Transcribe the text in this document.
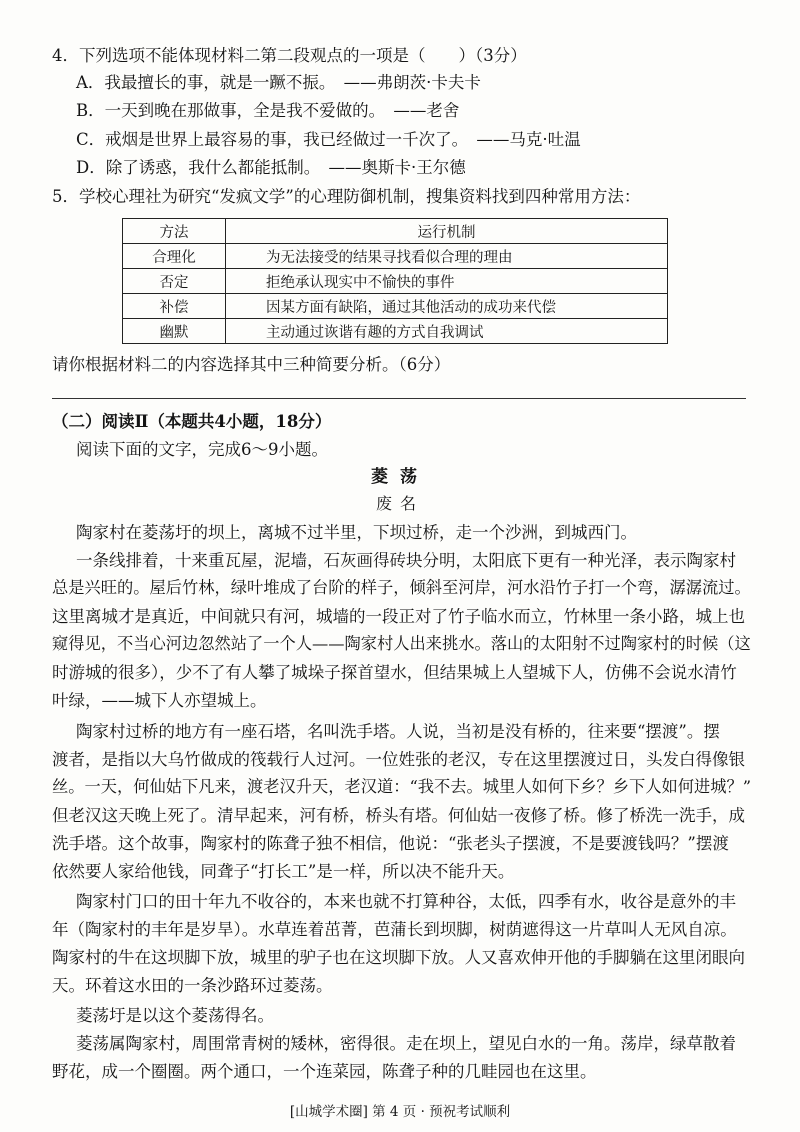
4．下列选项不能体现材料二第二段观点的一项是（　　）（3分）
A．我最擅长的事，就是一蹶不振。　——弗朗茨·卡夫卡
B．一天到晚在那做事，全是我不爱做的。　——老舍
C．戒烟是世界上最容易的事，我已经做过一千次了。　——马克·吐温
D．除了诱惑，我什么都能抵制。　——奥斯卡·王尔德
5．学校心理社为研究“发疯文学”的心理防御机制，搜集资料找到四种常用方法：
方法	运行机制
合理化	为无法接受的结果寻找看似合理的理由
否定	拒绝承认现实中不愉快的事件
补偿	因某方面有缺陷，通过其他活动的成功来代偿
幽默	主动通过诙谐有趣的方式自我调试
请你根据材料二的内容选择其中三种简要分析。（6分）
（二）阅读Ⅱ（本题共4小题，18分）
阅读下面的文字，完成6～9小题。
菱荡
废名
陶家村在菱荡圩的坝上，离城不过半里，下坝过桥，走一个沙洲，到城西门。
一条线排着，十来重瓦屋，泥墙，石灰画得砖块分明，太阳底下更有一种光泽，表示陶家村
总是兴旺的。屋后竹林，绿叶堆成了台阶的样子，倾斜至河岸，河水沿竹子打一个弯，潺潺流过。
这里离城才是真近，中间就只有河，城墙的一段正对了竹子临水而立，竹林里一条小路，城上也
窥得见，不当心河边忽然站了一个人——陶家村人出来挑水。落山的太阳射不过陶家村的时候（这
时游城的很多），少不了有人攀了城垛子探首望水，但结果城上人望城下人，仿佛不会说水清竹
叶绿，——城下人亦望城上。
陶家村过桥的地方有一座石塔，名叫洗手塔。人说，当初是没有桥的，往来要“摆渡”。摆
渡者，是指以大乌竹做成的筏载行人过河。一位姓张的老汉，专在这里摆渡过日，头发白得像银
丝。一天，何仙姑下凡来，渡老汉升天，老汉道：“我不去。城里人如何下乡？乡下人如何进城？”
但老汉这天晚上死了。清早起来，河有桥，桥头有塔。何仙姑一夜修了桥。修了桥洗一洗手，成
洗手塔。这个故事，陶家村的陈聋子独不相信，他说：“张老头子摆渡，不是要渡钱吗？”摆渡
依然要人家给他钱，同聋子“打长工”是一样，所以决不能升天。
陶家村门口的田十年九不收谷的，本来也就不打算种谷，太低，四季有水，收谷是意外的丰
年（陶家村的丰年是岁旱）。水草连着茁菁，芭蒲长到坝脚，树荫遮得这一片草叫人无风自凉。
陶家村的牛在这坝脚下放，城里的驴子也在这坝脚下放。人又喜欢伸开他的手脚躺在这里闭眼向
天。环着这水田的一条沙路环过菱荡。
菱荡圩是以这个菱荡得名。
菱荡属陶家村，周围常青树的矮林，密得很。走在坝上，望见白水的一角。荡岸，绿草散着
野花，成一个圈圈。两个通口，一个连菜园，陈聋子种的几畦园也在这里。
[山城学术圈] 第 4 页 · 预祝考试顺利
